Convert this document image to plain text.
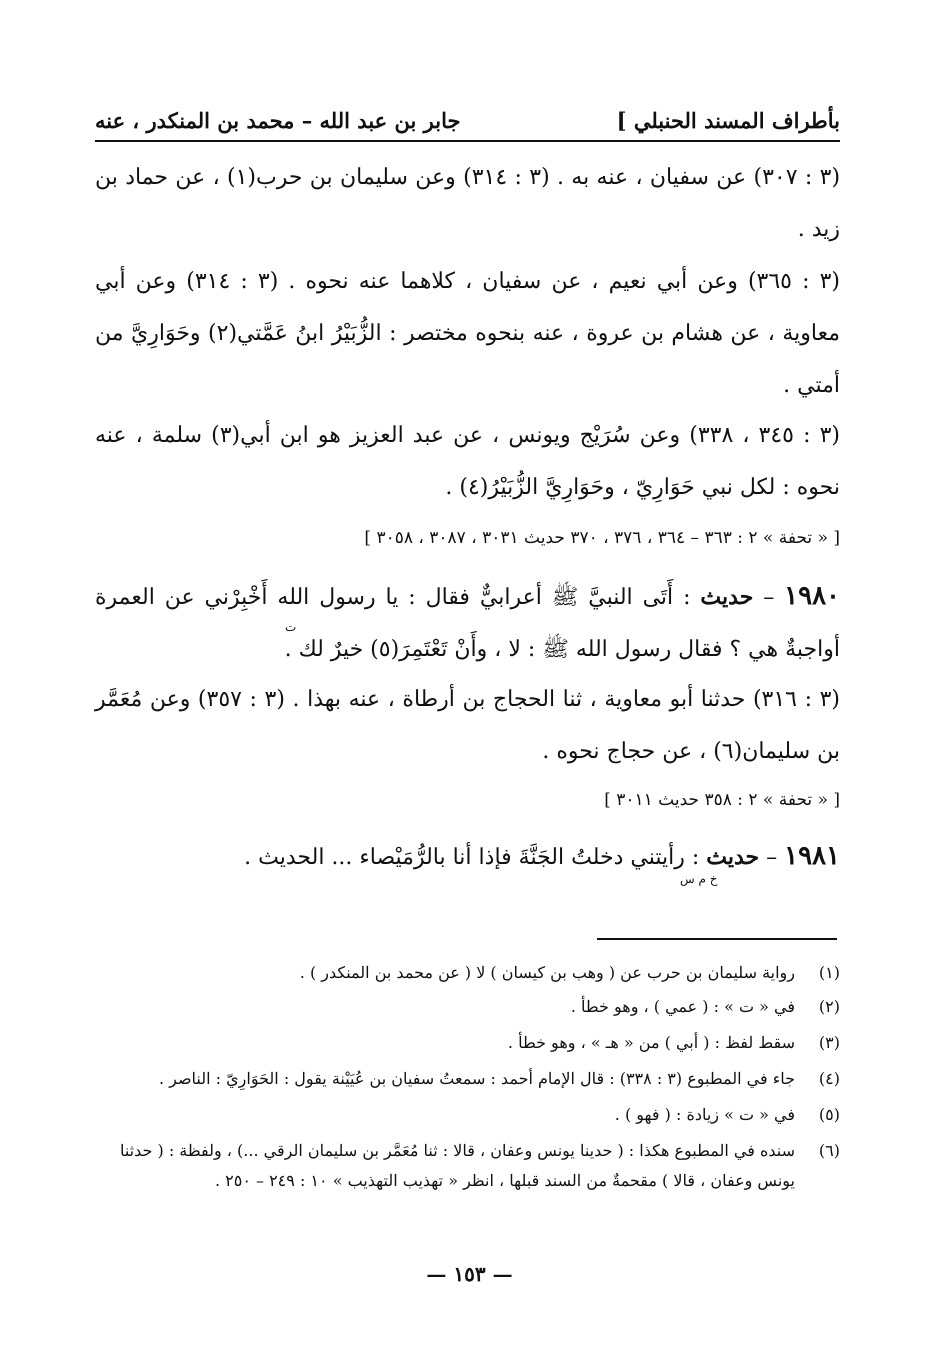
بأطراف المسند الحنبلي ]
جابر بن عبد الله – محمد بن المنكدر ، عنه
(٣ : ٣٠٧) عن سفيان ، عنه به . (٣ : ٣١٤) وعن سليمان بن حرب(١) ، عن حماد بن زيد .
(٣ : ٣٦٥) وعن أبي نعيم ، عن سفيان ، كلاهما عنه نحوه . (٣ : ٣١٤) وعن أبي معاوية ، عن هشام بن عروة ، عنه بنحوه مختصر : الزُّبَيْرُ ابنُ عَمَّتي(٢) وحَوَارِيَّ من أمتي .
(٣ : ٣٤٥ ، ٣٣٨) وعن سُرَيْج ويونس ، عن عبد العزيز هو ابن أبي(٣) سلمة ، عنه نحوه : لكل نبي حَوَارِيّ ، وحَوَارِيَّ الزُّبَيْرُ(٤) .
[ « تحفة » ٢ : ٣٦٣ – ٣٦٤ ، ٣٧٦ ، ٣٧٠ حديث ٣٠٣١ ، ٣٠٨٧ ، ٣٠٥٨ ]
١٩٨٠ – حديث : أَتَى النبيَّ ﷺ أعرابيٌّ فقال : يا رسول الله أَخْبِرْني عن العمرة أواجبةٌ هي ؟ فقال رسول الله ﷺ : لا ، وأَنْ تَعْتَمِرَ(٥) خيرٌ لك .
ت
(٣ : ٣١٦) حدثنا أبو معاوية ، ثنا الحجاج بن أرطاة ، عنه بهذا . (٣ : ٣٥٧) وعن مُعَمَّر بن سليمان(٦) ، عن حجاج نحوه .
[ « تحفة » ٢ : ٣٥٨ حديث ٣٠١١ ]
١٩٨١ – حديث : رأيتني دخلتُ الجَنَّةَ فإذا أنا بالرُّمَيْصاء ... الحديث .
خ م س
(١)
رواية سليمان بن حرب عن ( وهب بن كيسان ) لا ( عن محمد بن المنكدر ) .
(٢)
في « ت » : ( عمي ) ، وهو خطأ .
(٣)
سقط لفظ : ( أبي ) من « هـ » ، وهو خطأ .
(٤)
جاء في المطبوع (٣ : ٣٣٨) : قال الإمام أحمد : سمعتُ سفيان بن عُيَيْنة يقول : الحَوَارِيّ : الناصر .
(٥)
في « ت » زيادة : ( فهو ) .
(٦)
سنده في المطبوع هكذا : ( حدينا يونس وعفان ، قالا : ثنا مُعَمَّر بن سليمان الرقي ...) ، ولفظة : ( حدثنا يونس وعفان ، قالا ) مقحمةٌ من السند قبلها ، انظر « تهذيب التهذيب » ١٠ : ٢٤٩ – ٢٥٠ .
— ١٥٣ —
